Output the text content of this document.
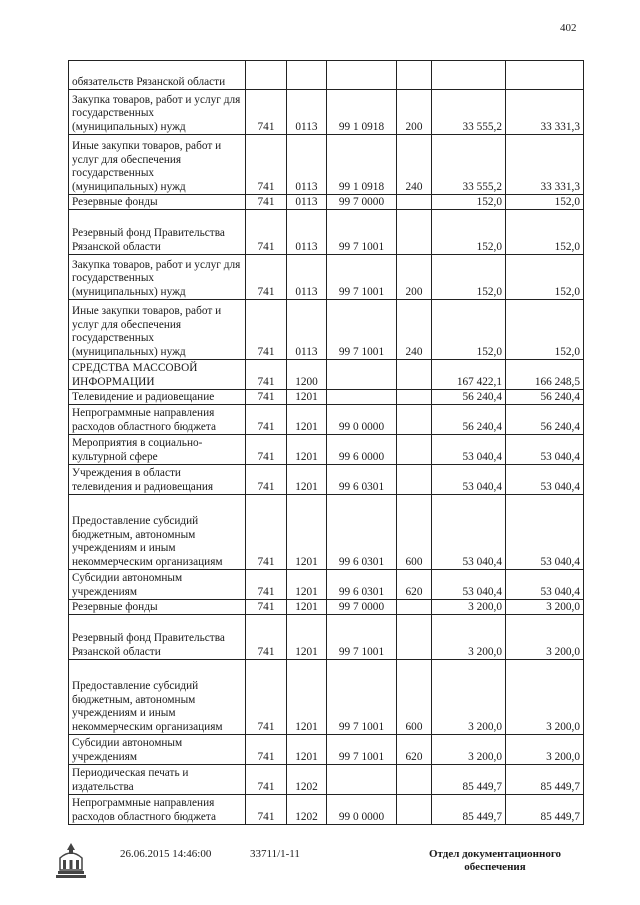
402
обязательств Рязанской области						
Закупка товаров, работ и услуг для государственных (муниципальных) нужд	741	0113	99 1 0918	200	33 555,2	33 331,3
Иные закупки товаров, работ и услуг для обеспечения государственных (муниципальных) нужд	741	0113	99 1 0918	240	33 555,2	33 331,3
Резервные фонды	741	0113	99 7 0000		152,0	152,0
Резервный фонд Правительства Рязанской области	741	0113	99 7 1001		152,0	152,0
Закупка товаров, работ и услуг для государственных (муниципальных) нужд	741	0113	99 7 1001	200	152,0	152,0
Иные закупки товаров, работ и услуг для обеспечения государственных (муниципальных) нужд	741	0113	99 7 1001	240	152,0	152,0
СРЕДСТВА МАССОВОЙ ИНФОРМАЦИИ	741	1200			167 422,1	166 248,5
Телевидение и радиовещание	741	1201			56 240,4	56 240,4
Непрограммные направления расходов областного бюджета	741	1201	99 0 0000		56 240,4	56 240,4
Мероприятия в социально-культурной сфере	741	1201	99 6 0000		53 040,4	53 040,4
Учреждения в области телевидения и радиовещания	741	1201	99 6 0301		53 040,4	53 040,4
Предоставление субсидий бюджетным, автономным учреждениям и иным некоммерческим организациям	741	1201	99 6 0301	600	53 040,4	53 040,4
Субсидии автономным учреждениям	741	1201	99 6 0301	620	53 040,4	53 040,4
Резервные фонды	741	1201	99 7 0000		3 200,0	3 200,0
Резервный фонд Правительства Рязанской области	741	1201	99 7 1001		3 200,0	3 200,0
Предоставление субсидий бюджетным, автономным учреждениям и иным некоммерческим организациям	741	1201	99 7 1001	600	3 200,0	3 200,0
Субсидии автономным учреждениям	741	1201	99 7 1001	620	3 200,0	3 200,0
Периодическая печать и издательства	741	1202			85 449,7	85 449,7
Непрограммные направления расходов областного бюджета	741	1202	99 0 0000		85 449,7	85 449,7
26.06.2015 14:46:00	33711/1-11	Отдел документационного
обеспечения
